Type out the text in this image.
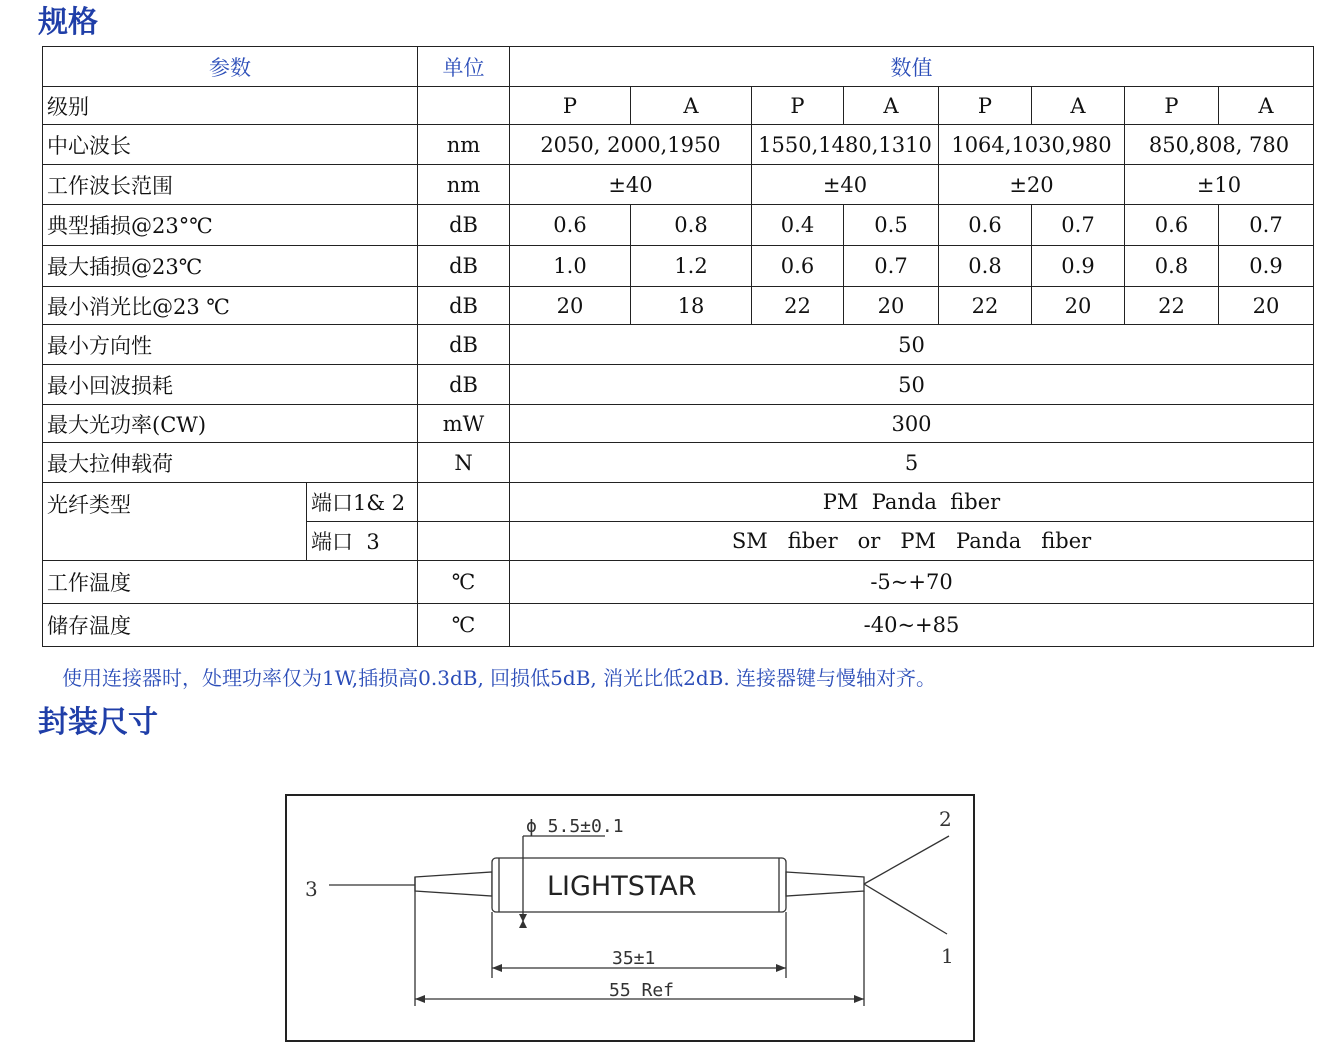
规格
参数		单位	数值							
级别			P	A	P	A	P	A	P	A
中心波长		nm	2050, 2000,1950		1550,1480,1310		1064,1030,980		850,808, 780	
工作波长范围		nm	±40		±40		±20		±10	
典型插损@23°℃		dB	0.6	0.8	0.4	0.5	0.6	0.7	0.6	0.7
最大插损@23℃		dB	1.0	1.2	0.6	0.7	0.8	0.9	0.8	0.9
最小消光比@23 ℃		dB	20	18	22	20	22	20	22	20
最小方向性		dB	50							
最小回波损耗		dB	50							
最大光功率(CW)		mW	300							
最大拉伸载荷		N	5							
光纤类型	端口1& 2		PM  Panda  fiber							
	端口  3		SM   fiber   or   PM   Panda   fiber							
工作温度		℃	-5~+70							
储存温度		℃	-40~+85							
使用连接器时，处理功率仅为1W,插损高0.3dB, 回损低5dB, 消光比低2dB. 连接器键与慢轴对齐。
封装尺寸
ϕ 5.5±0.1
LIGHTSTAR
35±1
55 Ref
3
2
1
